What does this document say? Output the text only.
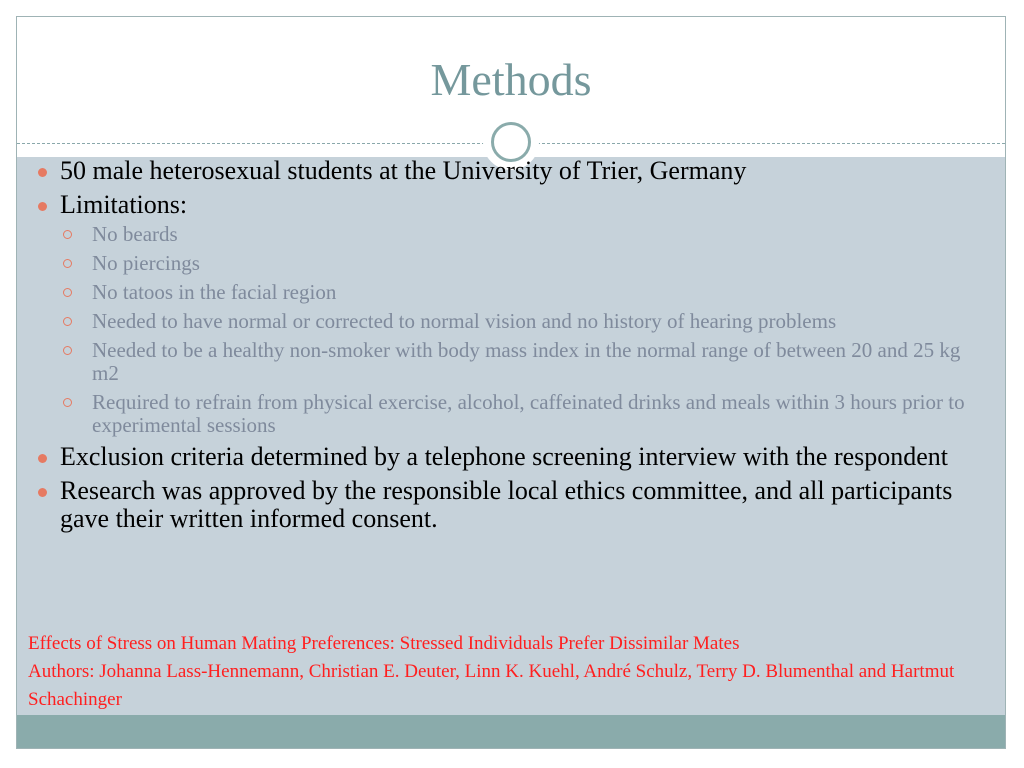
Methods
50 male heterosexual students at the University of Trier, Germany
Limitations:
No beards
No piercings
No tatoos in the facial region
Needed to have normal or corrected to normal vision and no history of hearing problems
Needed to be a healthy non-smoker with body mass index in the normal range of between 20 and 25 kg m2
Required to refrain from physical exercise, alcohol, caffeinated drinks and meals within 3 hours prior to experimental sessions
Exclusion criteria determined by a telephone screening interview with the respondent
Research was approved by the responsible local ethics committee, and all participants gave their written informed consent.
Effects of Stress on Human Mating Preferences: Stressed Individuals Prefer Dissimilar Mates
Authors: Johanna Lass-Hennemann, Christian E. Deuter, Linn K. Kuehl, André Schulz, Terry D. Blumenthal and Hartmut Schachinger
